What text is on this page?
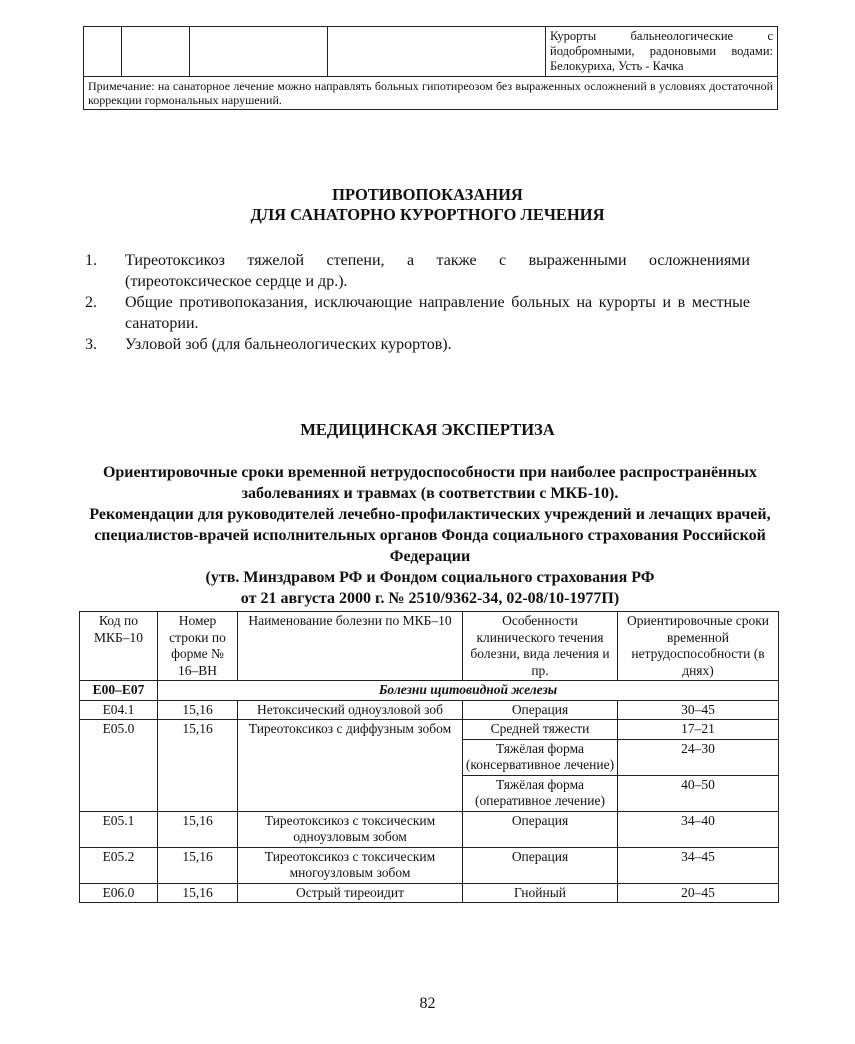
				Курорты бальнеологические с йодобромными, радоновыми водами: Белокуриха, Усть - Качка
Примечание: на санаторное лечение можно направлять больных гипотиреозом без выраженных осложнений в условиях достаточной коррекции гормональных нарушений.
ПРОТИВОПОКАЗАНИЯ
ДЛЯ САНАТОРНО КУРОРТНОГО ЛЕЧЕНИЯ
1.	Тиреотоксикоз тяжелой степени, а также с выраженными осложнениями (тиреотоксическое сердце и др.).
2.	Общие противопоказания, исключающие направление больных на курорты и в местные санатории.
3.	Узловой зоб (для бальнеологических курортов).
МЕДИЦИНСКАЯ ЭКСПЕРТИЗА
Ориентировочные сроки временной нетрудоспособности при наиболее распространённых заболеваниях и травмах (в соответствии с МКБ-10).
Рекомендации для руководителей лечебно-профилактических учреждений и лечащих врачей, специалистов-врачей исполнительных органов Фонда социального страхования Российской Федерации
(утв. Минздравом РФ и Фондом социального страхования РФ
от 21 августа 2000 г. № 2510/9362-34, 02-08/10-1977П)
Код по МКБ–10	Номер строки по форме № 16–ВН	Наименование болезни по МКБ–10	Особенности клинического течения болезни, вида лечения и пр.	Ориентировочные сроки временной нетрудоспособности (в днях)
E00–E07	Болезни щитовидной железы			
E04.1	15,16	Нетоксический одноузловой зоб	Операция	30–45
E05.0	15,16	Тиреотоксикоз с диффузным зобом	Средней тяжести	17–21
			Тяжёлая форма (консервативное лечение)	24–30
			Тяжёлая форма (оперативное лечение)	40–50
E05.1	15,16	Тиреотоксикоз с токсическим одноузловым зобом	Операция	34–40
E05.2	15,16	Тиреотоксикоз с токсическим многоузловым зобом	Операция	34–45
E06.0	15,16	Острый тиреоидит	Гнойный	20–45
82
